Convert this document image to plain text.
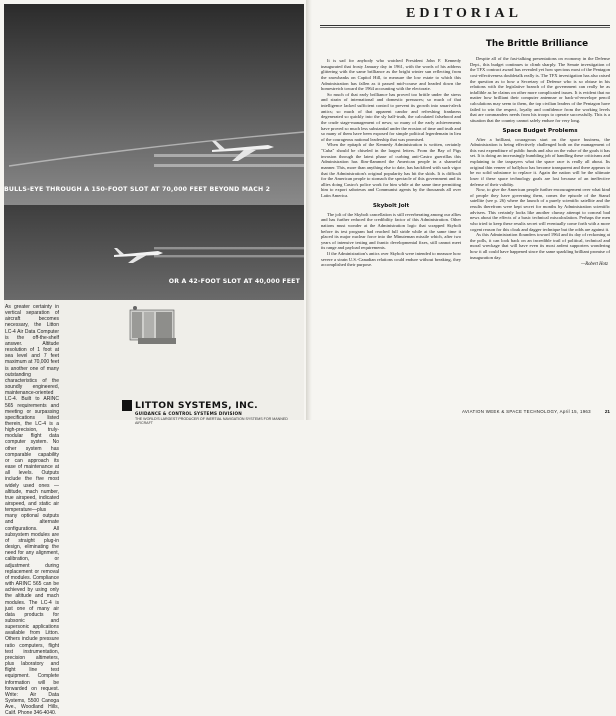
BULLS-EYE THROUGH A 150-FOOT SLOT AT 70,000 FEET BEYOND MACH 2
OR A 42-FOOT SLOT AT 40,000 FEET

As greater certainty in vertical separation of aircraft becomes necessary, the Litton LC-4 Air Data Computer is the off-the-shelf answer. Altitude resolution of 1 foot at sea level and 7 feet maximum at 70,000 feet is another one of many outstanding characteristics of the soundly engineered, maintenance-oriented LC-4. Built to ARINC 565 requirements and meeting or surpassing specifications listed therein, the LC-4 is a high-precision, truly-modular flight data computer system. No other system has comparable capability or can approach its ease of maintenance at all levels. Outputs include the five most widely used ones — altitude, mach number, true airspeed, indicated airspeed, and static air temperature—plus many optional outputs and alternate configurations. All subsystem modules are of straight plug-in design, eliminating the need for any alignment, calibration, or adjustment during replacement or removal of modules. Compliance with ARINC 565 can be achieved by using only the altitude and mach modules. The LC-4 is just one of many air data products for subsonic and supersonic applications available from Litton. Others include pressure ratio computers, flight test instrumentation, precision altimeters, plus laboratory and flight line test equipment. Complete information will be forwarded on request. Write: Air Data Systems, 5500 Canoga Ave., Woodland Hills, Calif. Phone 346-4040.

LITTON SYSTEMS, INC.
GUIDANCE & CONTROL SYSTEMS DIVISION
THE WORLD'S LARGEST PRODUCER OF INERTIAL NAVIGATION SYSTEMS FOR MANNED AIRCRAFT
EDITORIAL
The Brittle Brilliance

It is sad for anybody who watched President John F. Kennedy inaugurated that frosty January day in 1961, with the words of his address glittering with the same brilliance as the bright winter sun reflecting from the snowbanks on Capitol Hill, to measure the low estate to which this Administration has fallen as it passed mid-course and headed down the homestretch toward the 1964 accounting with the electorate.

So much of that early brilliance has proved too brittle under the stress and strain of international and domestic pressures; so much of that intelligence lacked sufficient control to prevent its growth into smart-aleck antics; so much of that apparent candor and refreshing frankness degenerated so quickly into the sly half-truth, the calculated falsehood and the crude stage-management of news; so many of the early achievements have proved so much less substantial under the erosion of time and truth and so many of them have been exposed for simple political legerdemain in lieu of the courageous national leadership that was promised.

When the epitaph of the Kennedy Administration is written, certainly "Cuba" should be chiseled in the largest letters. From the Bay of Pigs invasion through the latest phase of curbing anti-Castro guerrillas this Administration has flim-flammed the American people in a shameful manner. This, more than anything else to date, has backfired with such vigor that the Administration's original popularity has hit the skids. It is difficult for the American people to stomach the spectacle of this government and its allies doing Castro's police work for him while at the same time permitting him to export saboteurs and Communist agents by the thousands all over Latin America.

Skybolt Jolt

The jolt of the Skybolt cancellation is still reverberating among our allies and has further reduced the credibility factor of this Administration. Other nations must wonder at the Administration logic that scrapped Skybolt before its test program had reached full stride while at the same time it placed its major nuclear force into the Minuteman missile which, after two years of intensive testing and frantic developmental fixes, still cannot meet its range and payload requirements.

If the Administration's antics over Skybolt were intended to measure how severe a strain U.S.-Canadian relations could endure without breaking, they accomplished their purpose.

Despite all of the fast-talking presentations on economy in the Defense Dept., this budget continues to climb sharply. The Senate investigation of the TFX contract award has revealed yet how specious most of the Pentagon cost-effectiveness doubletalk really is. The TFX investigation has also raised the question as to how a Secretary of Defense who is so obtuse in his relations with the legislative branch of the government can really be as infallible as he claims on other more complicated issues. It is evident that no matter how brilliant their computer antennae or back-of-envelope pencil calculations may seem to them, the top civilian leaders of the Pentagon have failed to win the respect, loyalty and confidence from the working levels that are commanders needs from his troops to operate successfully. This is a situation that the country cannot safely endure for very long.

Space Budget Problems

After a brilliant, courageous start on the space business, the Administration is being effectively challenged both on the management of this vast expenditure of public funds and also on the value of the goals it has set. It is doing an increasingly bumbling job of handling these criticisms and explaining to the taxpayers what the space race is really all about. Its original thin veneer of ballyhoo has become transparent and there appears to be no solid substance to replace it. Again the nation will be the ultimate loser if these space technology goals are lost because of an ineffective defense of their validity.

Now, to give the American people further encouragement over what kind of people they have governing them, comes the episode of the Stanzl satellite (see p. 26) where the launch of a purely scientific satellite and the results therefrom were kept secret for months by Administration scientific advisers. This certainly looks like another clumsy attempt to conceal bad news about the effects of a basic technical miscalculation. Perhaps the men who tried to keep these results secret will eventually come forth with a more cogent reason for this cloak and dagger technique but the odds are against it.

As this Administration flounders toward 1964 and its day of reckoning at the polls, it can look back on an incredible trail of political, technical and moral wreckage that will have even its most ardent supporters wondering how it all could have happened since the same sparkling brilliant promise of inauguration day.

—Robert Hotz
AVIATION WEEK & SPACE TECHNOLOGY, April 15, 1963	21
